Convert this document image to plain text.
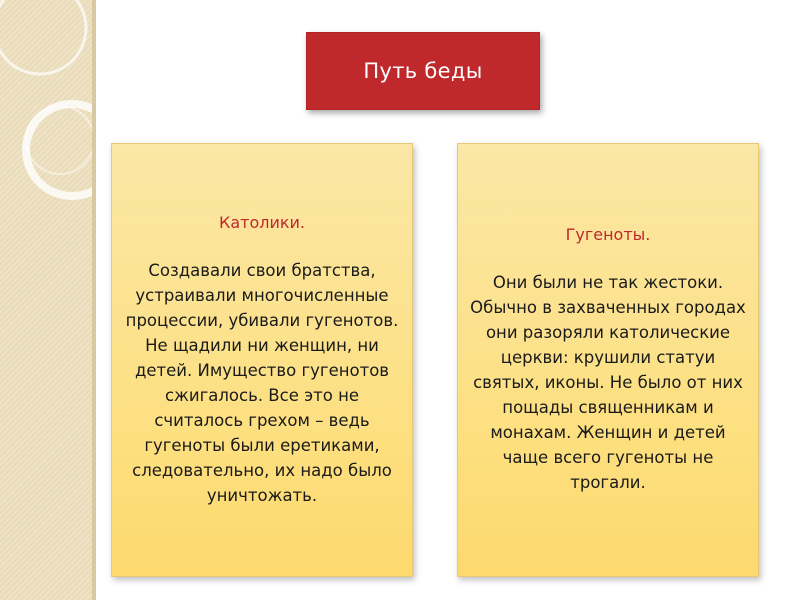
Путь беды
Католики.
Создавали свои братства, устраивали многочисленные процессии, убивали гугенотов. Не щадили ни женщин, ни детей. Имущество гугенотов сжигалось. Все это не считалось грехом – ведь гугеноты были еретиками, следовательно, их надо было уничтожать.
Гугеноты.
Они были не так жестоки. Обычно в захваченных городах они разоряли католические церкви: крушили статуи святых, иконы. Не было от них пощады священникам и монахам. Женщин и детей чаще всего гугеноты не трогали.
